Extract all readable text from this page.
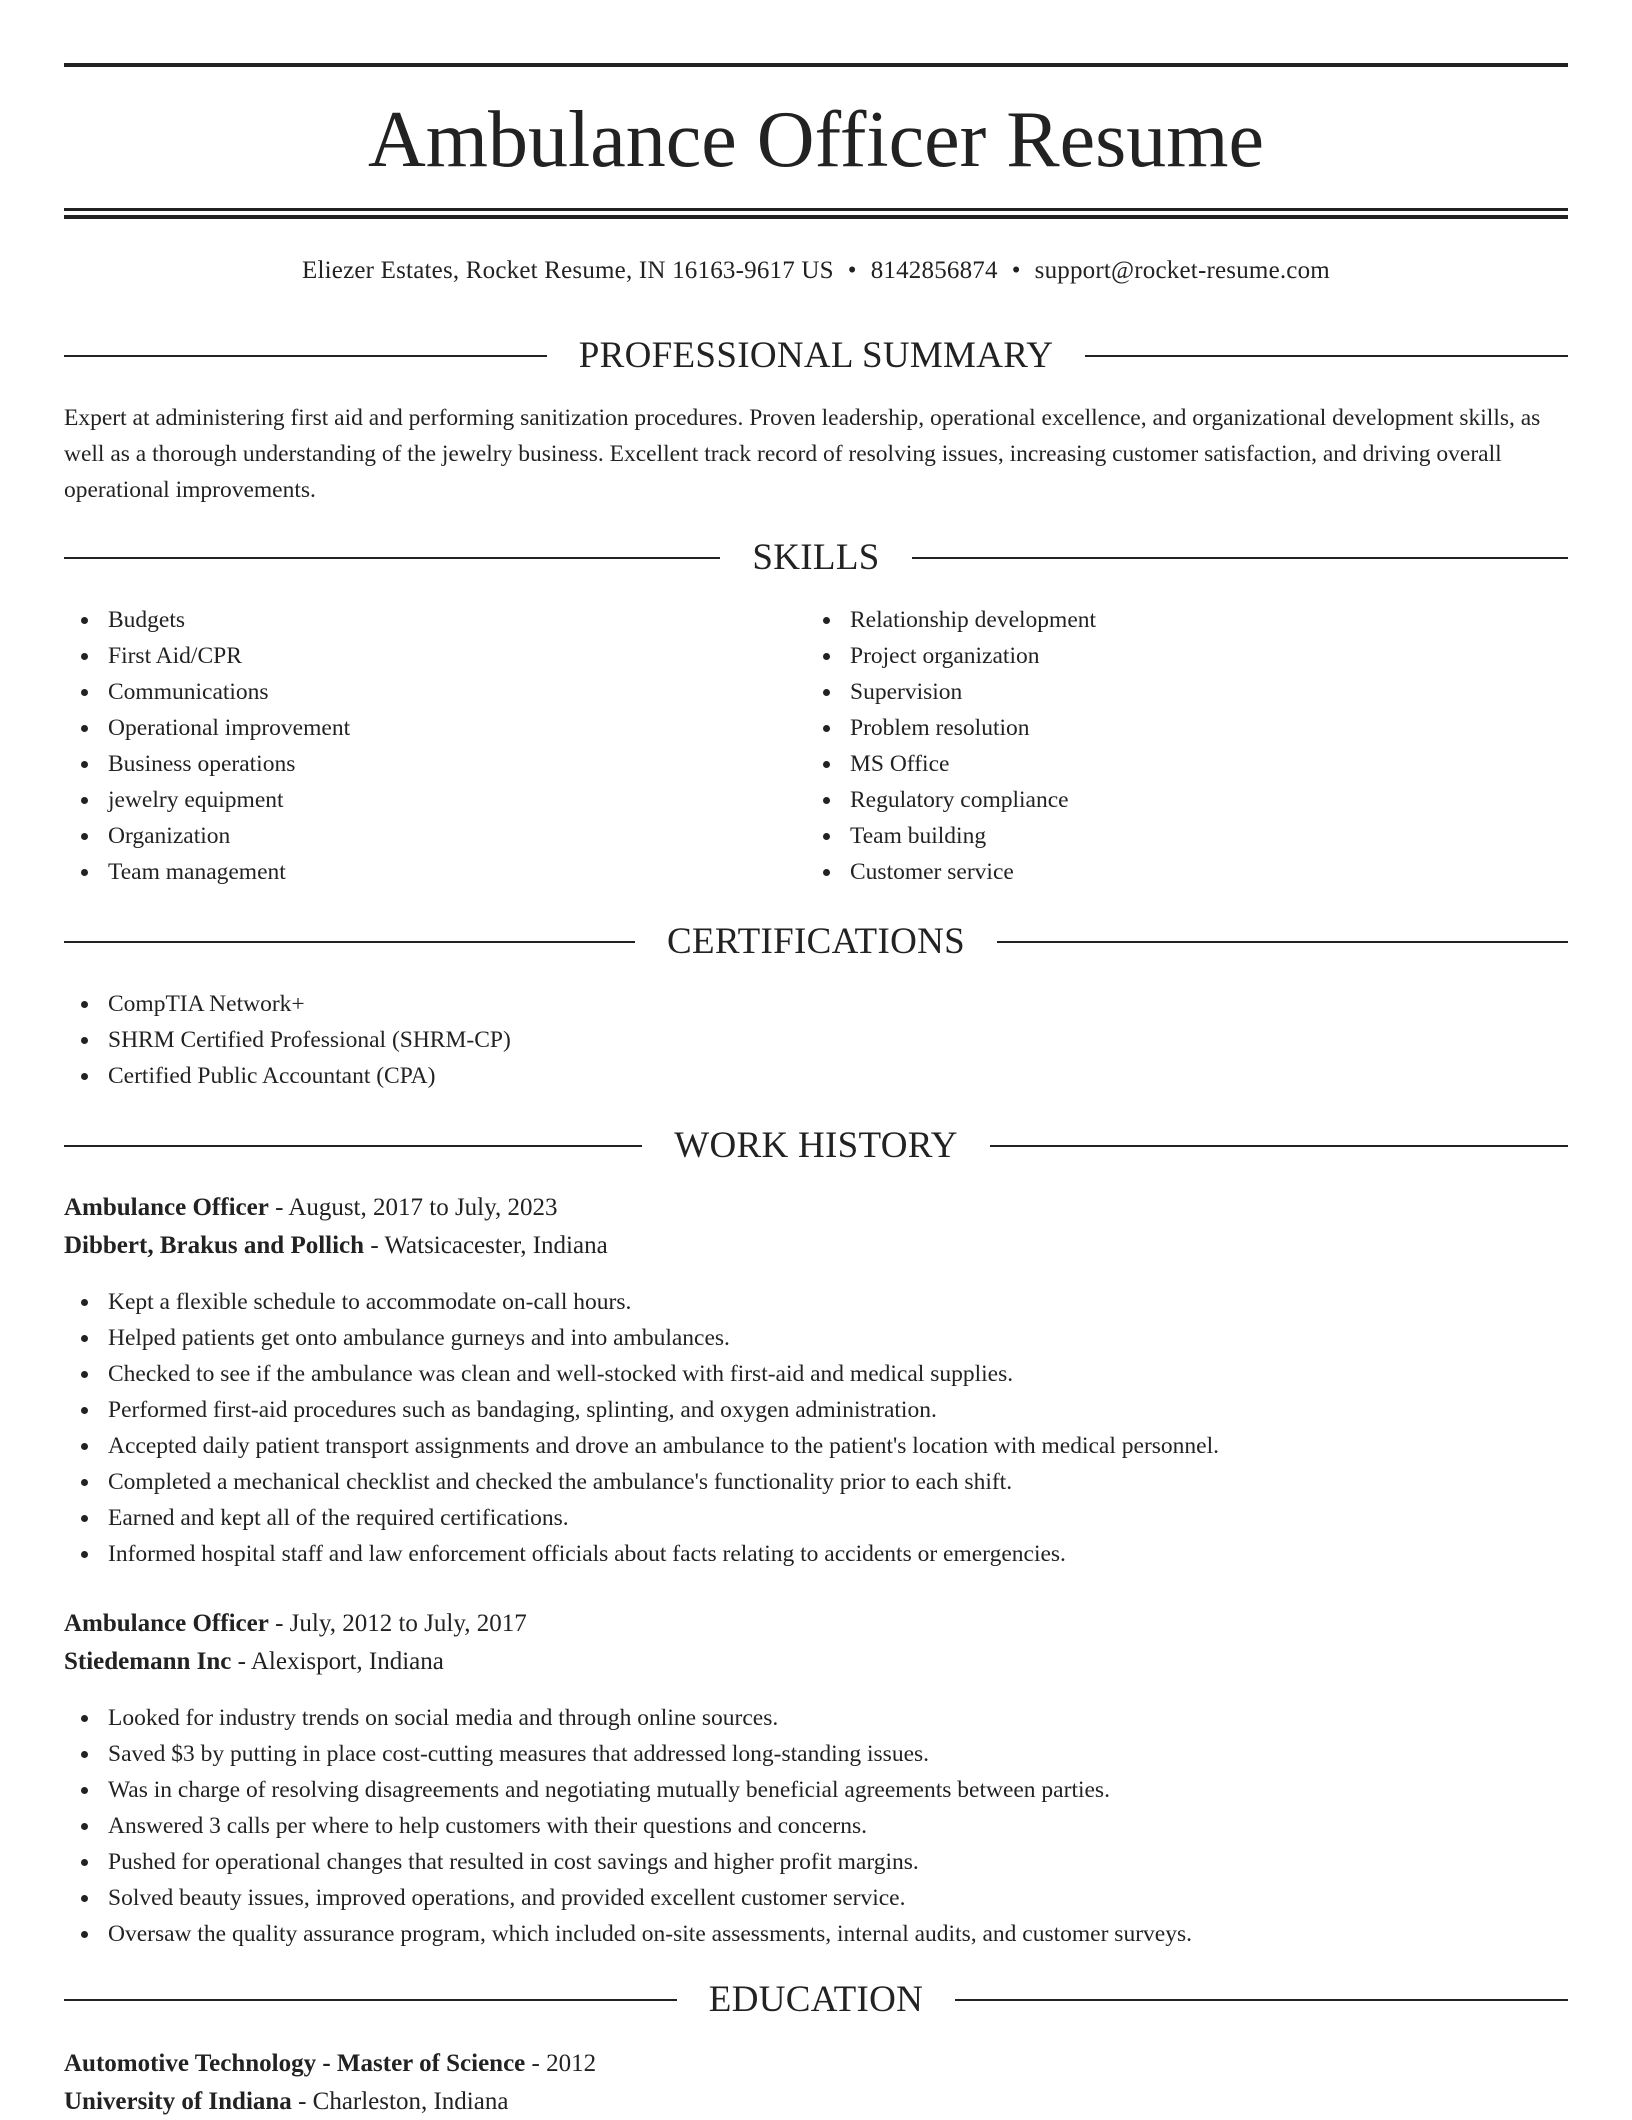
Ambulance Officer Resume
Eliezer Estates, Rocket Resume, IN 16163-9617 US • 8142856874 • support@rocket-resume.com
PROFESSIONAL SUMMARY

Expert at administering first aid and performing sanitization procedures. Proven leadership, operational excellence, and organizational development skills, as well as a thorough understanding of the jewelry business. Excellent track record of resolving issues, increasing customer satisfaction, and driving overall operational improvements.

SKILLS
Budgets
First Aid/CPR
Communications
Operational improvement
Business operations
jewelry equipment
Organization
Team management
Relationship development
Project organization
Supervision
Problem resolution
MS Office
Regulatory compliance
Team building
Customer service
CERTIFICATIONS
CompTIA Network+
SHRM Certified Professional (SHRM-CP)
Certified Public Accountant (CPA)
WORK HISTORY
Ambulance Officer - August, 2017 to July, 2023
Dibbert, Brakus and Pollich - Watsicacester, Indiana
Kept a flexible schedule to accommodate on-call hours.
Helped patients get onto ambulance gurneys and into ambulances.
Checked to see if the ambulance was clean and well-stocked with first-aid and medical supplies.
Performed first-aid procedures such as bandaging, splinting, and oxygen administration.
Accepted daily patient transport assignments and drove an ambulance to the patient's location with medical personnel.
Completed a mechanical checklist and checked the ambulance's functionality prior to each shift.
Earned and kept all of the required certifications.
Informed hospital staff and law enforcement officials about facts relating to accidents or emergencies.
Ambulance Officer - July, 2012 to July, 2017
Stiedemann Inc - Alexisport, Indiana
Looked for industry trends on social media and through online sources.
Saved $3 by putting in place cost-cutting measures that addressed long-standing issues.
Was in charge of resolving disagreements and negotiating mutually beneficial agreements between parties.
Answered 3 calls per where to help customers with their questions and concerns.
Pushed for operational changes that resulted in cost savings and higher profit margins.
Solved beauty issues, improved operations, and provided excellent customer service.
Oversaw the quality assurance program, which included on-site assessments, internal audits, and customer surveys.
EDUCATION
Automotive Technology - Master of Science - 2012
University of Indiana - Charleston, Indiana
